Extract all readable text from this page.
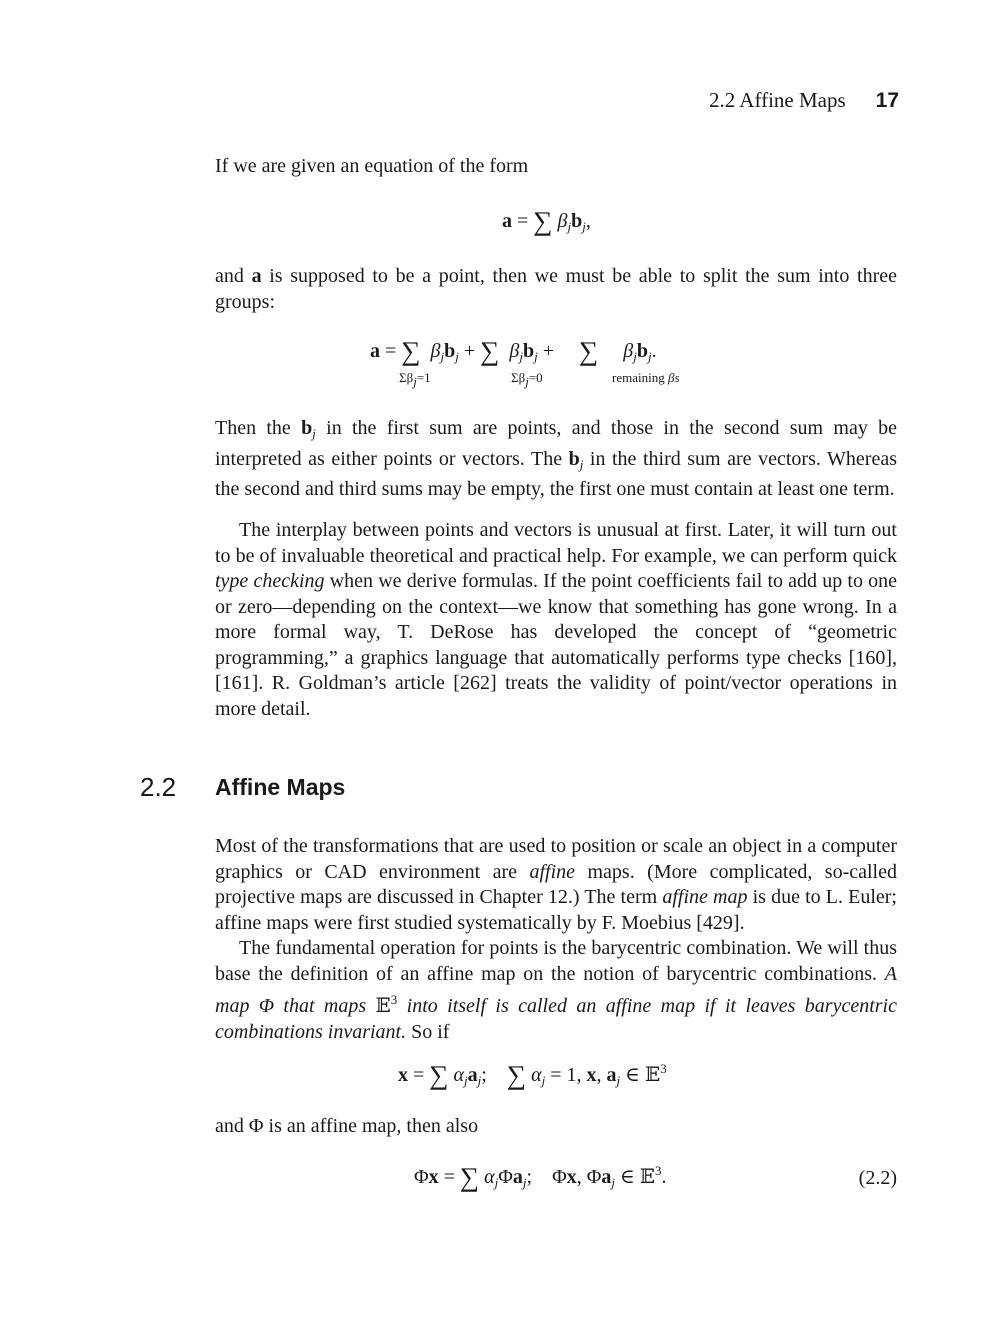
2.2 Affine Maps 17

If we are given an equation of the form

a = ∑ $\beta_jb_j$,

and a is supposed to be a point, then we must be able to split the sum into three groups:

a = ∑ $\beta_jb_j$ + ∑ $\beta_jb_j$ +     ∑ $\beta_jb_j$.
Σβj=1	Σβj=0	remaining βs

Then the $b_j$ in the first sum are points, and those in the second sum may be interpreted as either points or vectors. The $b_j$ in the third sum are vectors. Whereas the second and third sums may be empty, the first one must contain at least one term.

The interplay between points and vectors is unusual at first. Later, it will turn out to be of invaluable theoretical and practical help. For example, we can perform quick type checking when we derive formulas. If the point coefficients fail to add up to one or zero—depending on the context—we know that something has gone wrong. In a more formal way, T. DeRose has developed the concept of “geometric programming,” a graphics language that automatically performs type checks [160], [161]. R. Goldman’s article [262] treats the validity of point/vector operations in more detail.

2.2 Affine Maps

Most of the transformations that are used to position or scale an object in a computer graphics or CAD environment are affine maps. (More complicated, so-called projective maps are discussed in Chapter 12.) The term affine map is due to L. Euler; affine maps were first studied systematically by F. Moebius [429].

The fundamental operation for points is the barycentric combination. We will thus base the definition of an affine map on the notion of barycentric combinations. A map Φ that maps 𝔼$^3$ into itself is called an affine map if it leaves barycentric combinations invariant. So if

x = ∑ $\alpha_ja_j$; ∑ $\alpha_j = 1$, x, $a_j$ ∈ 𝔼$^3$

and Φ is an affine map, then also

Φx = ∑ $\alpha_j\Phi a_j$; Φx, $\Phi a_j$ ∈ 𝔼$^3$.	(2.2)
